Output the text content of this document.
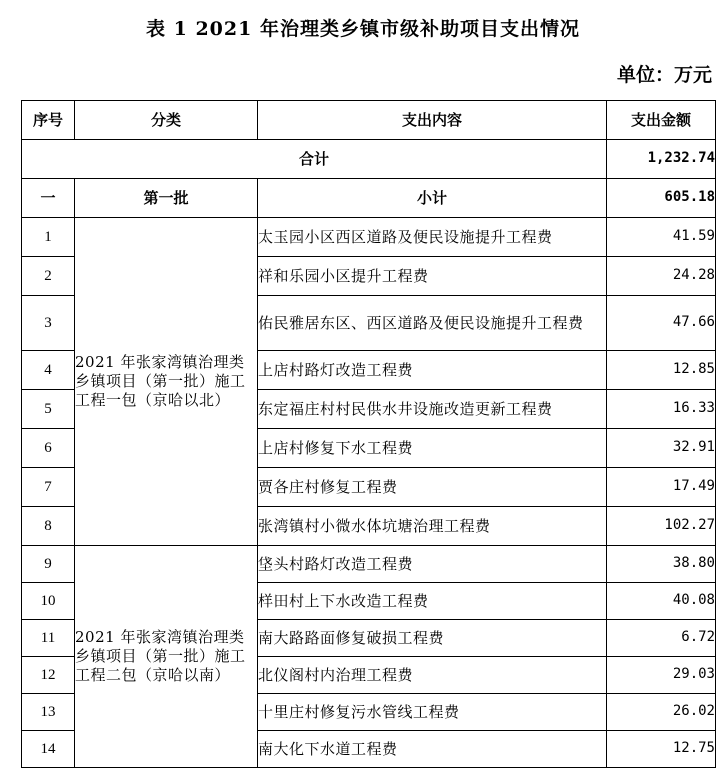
表 1 2021 年治理类乡镇市级补助项目支出情况
单位：万元
序号	分类	支出内容	支出金额
合计			1,232.74
一	第一批	小计	605.18
1	2021 年张家湾镇治理类乡镇项目（第一批）施工工程一包（京哈以北）	太玉园小区西区道路及便民设施提升工程费	41.59
2		祥和乐园小区提升工程费	24.28
3		佑民雅居东区、西区道路及便民设施提升工程费	47.66
4		上店村路灯改造工程费	12.85
5		东定福庄村村民供水井设施改造更新工程费	16.33
6		上店村修复下水工程费	32.91
7		贾各庄村修复工程费	17.49
8		张湾镇村小微水体坑塘治理工程费	102.27
9	2021 年张家湾镇治理类乡镇项目（第一批）施工工程二包（京哈以南）	垡头村路灯改造工程费	38.80
10		样田村上下水改造工程费	40.08
11		南大路路面修复破损工程费	6.72
12		北仪阁村内治理工程费	29.03
13		十里庄村修复污水管线工程费	26.02
14		南大化下水道工程费	12.75
